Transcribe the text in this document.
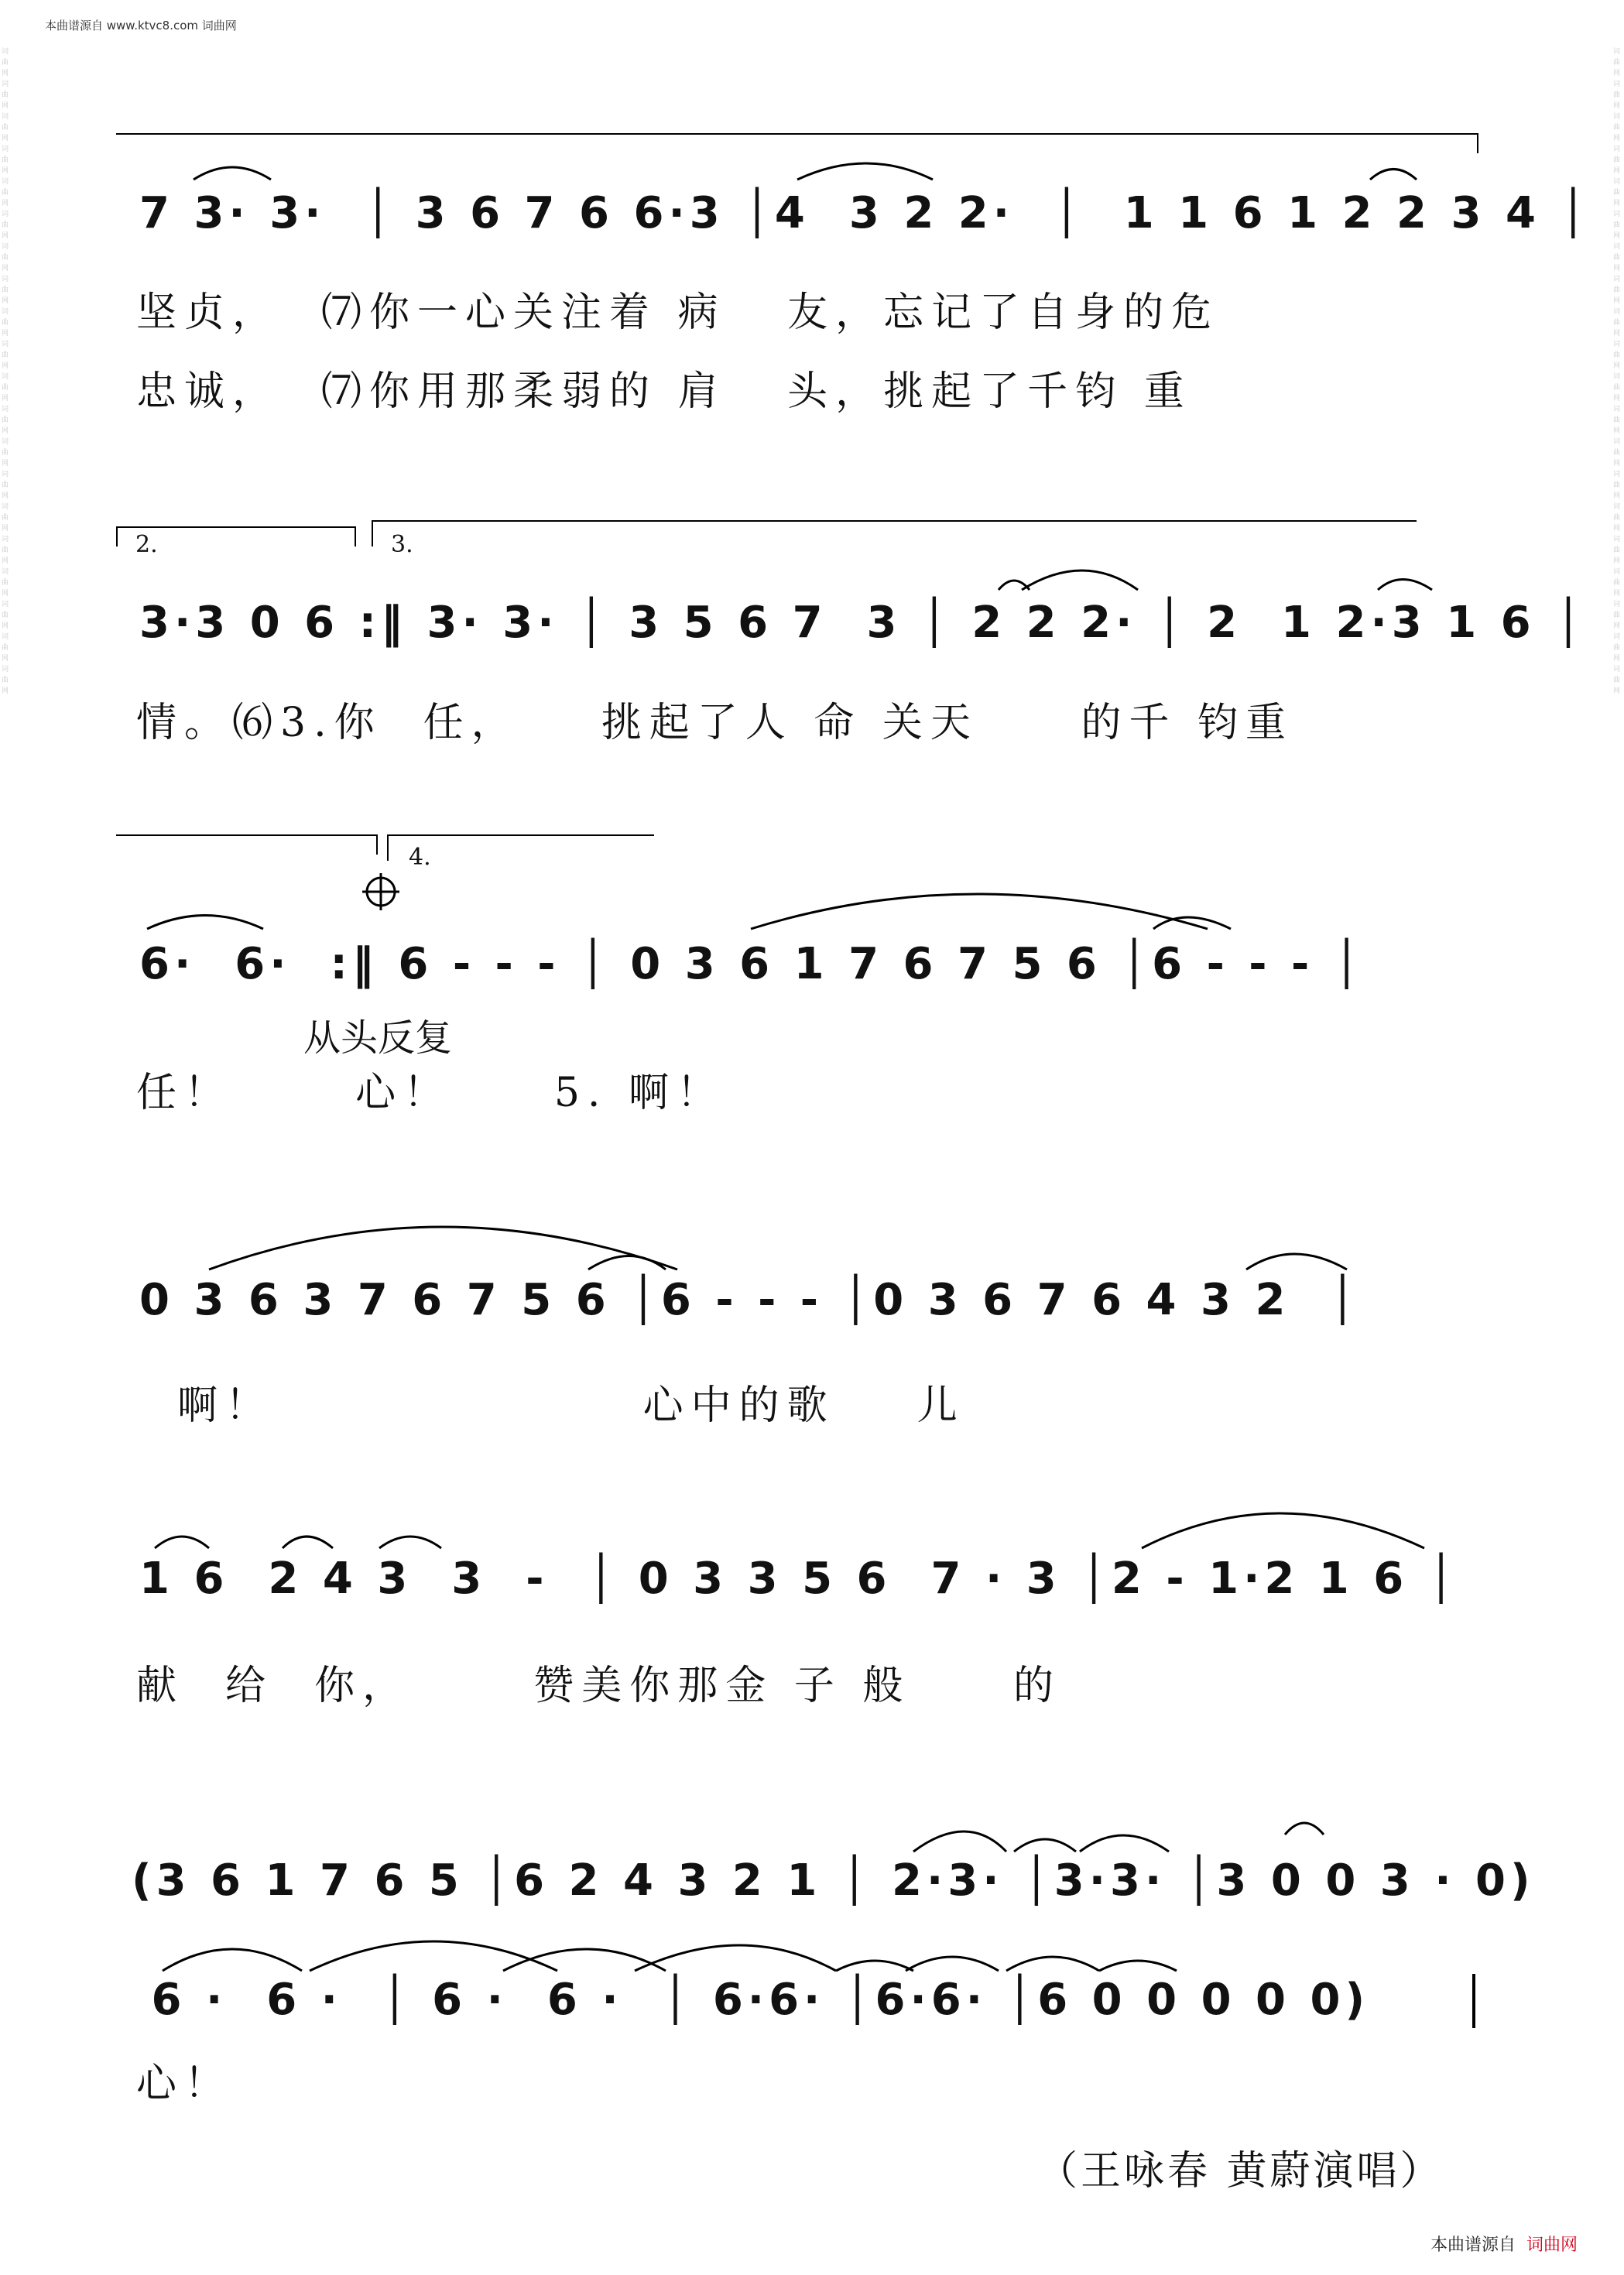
本曲谱源自 www.ktvc8.com 词曲网
词曲网 词曲网 词曲网 词曲网 词曲网 词曲网 词曲网 词曲网 词曲网 词曲网 词曲网 词曲网 词曲网 词曲网 词曲网 词曲网 词曲网 词曲网 词曲网 词曲网
词曲网 词曲网 词曲网 词曲网 词曲网 词曲网 词曲网 词曲网 词曲网 词曲网 词曲网 词曲网 词曲网 词曲网 词曲网 词曲网 词曲网 词曲网 词曲网 词曲网
7 3· 3·  │ 3 6 7 6 6·3 │4  3 2 2·  │  1 1 6 1 2 2 3 4 │
坚贞，  ⑺你一心关注着 病   友，忘记了自身的危
忠诚，  ⑺你用那柔弱的 肩   头，挑起了千钧 重
2.	3.
3·3 0 6 :‖ 3· 3· │ 3 5 6 7  3 │ 2 2 2· │ 2  1 2·3 1 6 │
情。⑹3.你  任，    挑起了人 命 关天     的千 钧重
4.
6·  6·  :‖ 6 - - - │ 0 3 6 1 7 6 7 5 6 │6 - - - │
从头反复
任！      心！     5. 啊！
0 3 6 3 7 6 7 5 6 │6 - - - │0 3 6 7 6 4 3 2  │
啊！                  心中的歌    儿
1 6  2 4 3  3  -  │ 0 3 3 5 6  7 · 3 │2 - 1·2 1 6 │
献  给  你，      赞美你那金 子 般     的
(3 6 1 7 6 5 │6 2 4 3 2 1 │ 2·3· │3·3· │3 0 0 3 · 0)
6 ·  6 ·  │ 6 ·  6 ·  │ 6·6· │6·6· │6 0 0 0 0 0)
心！
（王咏春 黄蔚演唱）
本曲谱源自 词曲网
